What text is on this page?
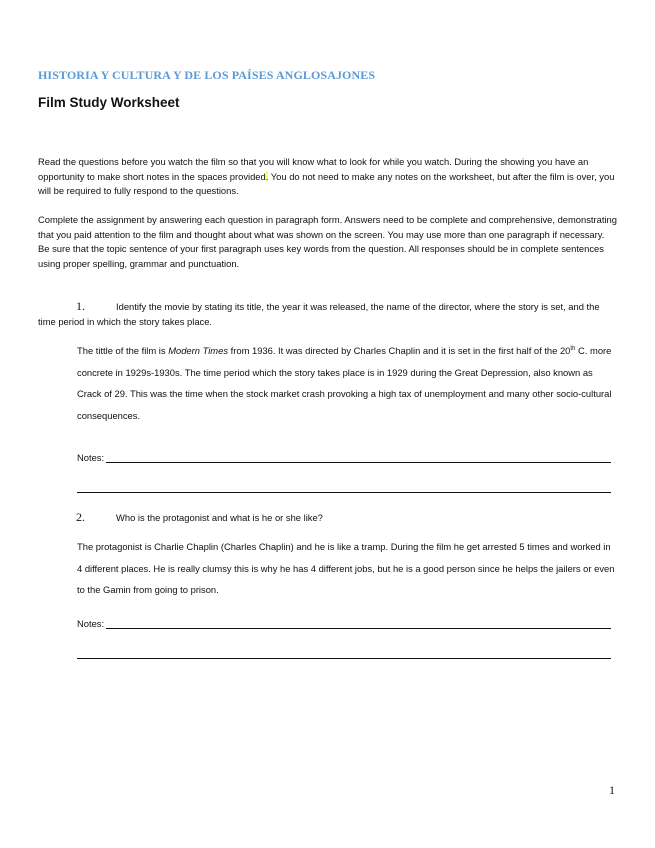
HISTORIA Y CULTURA Y DE LOS PAÍSES ANGLOSAJONES
Film Study Worksheet
Read the questions before you watch the film so that you will know what to look for while you watch. During the showing you have an opportunity to make short notes in the spaces provided. You do not need to make any notes on the worksheet, but after the film is over, you will be required to fully respond to the questions.
Complete the assignment by answering each question in paragraph form. Answers need to be complete and comprehensive, demonstrating that you paid attention to the film and thought about what was shown on the screen. You may use more than one paragraph if necessary. Be sure that the topic sentence of your first paragraph uses key words from the question. All responses should be in complete sentences using proper spelling, grammar and punctuation.
1.	Identify the movie by stating its title, the year it was released, the name of the director, where the story is set, and the time period in which the story takes place.
The tittle of the film is Modern Times from 1936. It was directed by Charles Chaplin and it is set in the first half of the 20th C. more concrete in 1929s-1930s. The time period which the story takes place is in 1929 during the Great Depression, also known as Crack of 29. This was the time when the stock market crash provoking a high tax of unemployment and many other socio-cultural consequences.
Notes:
2.	Who is the protagonist and what is he or she like?
The protagonist is Charlie Chaplin (Charles Chaplin) and he is like a tramp. During the film he get arrested 5 times and worked in 4 different places. He is really clumsy this is why he has 4 different jobs, but he is a good person since he helps the jailers or even to the Gamin from going to prison.
Notes:
1
